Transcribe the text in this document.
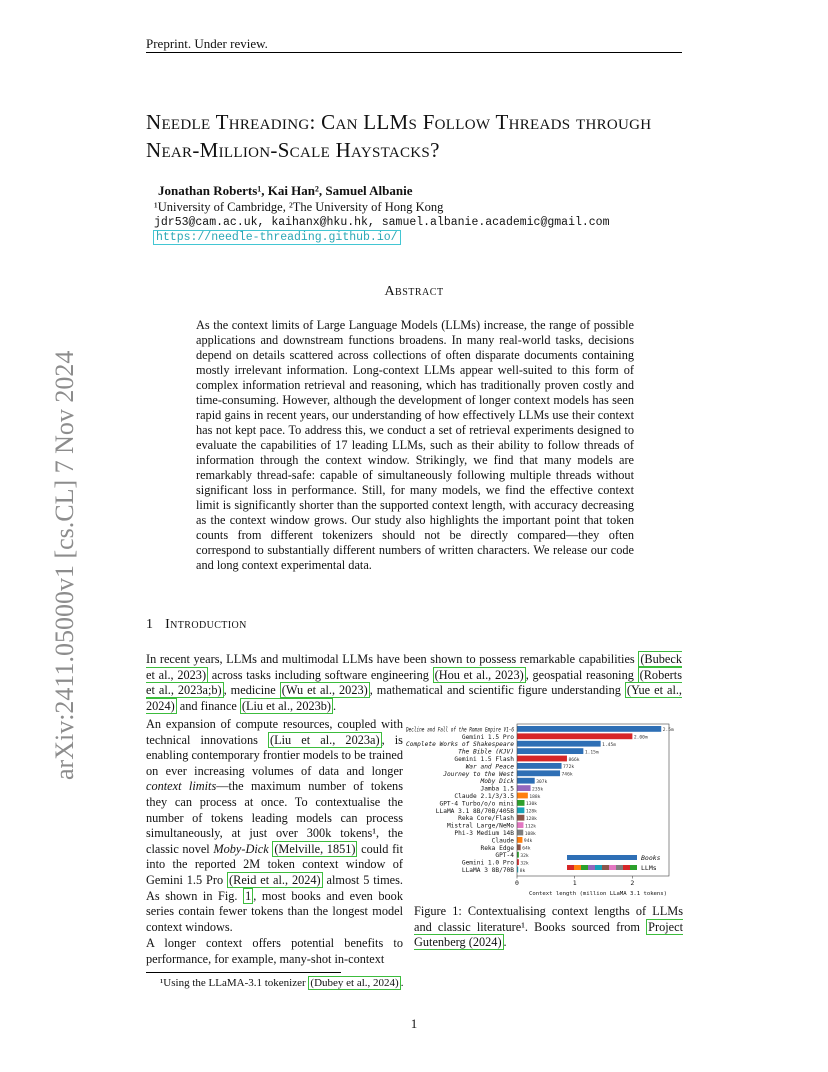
Preprint. Under review.
Needle Threading: Can LLMs Follow Threads through Near-Million-Scale Haystacks?
Jonathan Roberts¹, Kai Han², Samuel Albanie
¹University of Cambridge, ²The University of Hong Kong
jdr53@cam.ac.uk, kaihanx@hku.hk, samuel.albanie.academic@gmail.com
https://needle-threading.github.io/
arXiv:2411.05000v1 [cs.CL] 7 Nov 2024
Abstract
As the context limits of Large Language Models (LLMs) increase, the range of possible applications and downstream functions broadens. In many real-world tasks, decisions depend on details scattered across collections of often disparate documents containing mostly irrelevant information. Long-context LLMs appear well-suited to this form of complex information retrieval and reasoning, which has traditionally proven costly and time-consuming. However, although the development of longer context models has seen rapid gains in recent years, our understanding of how effectively LLMs use their context has not kept pace. To address this, we conduct a set of retrieval experiments designed to evaluate the capabilities of 17 leading LLMs, such as their ability to follow threads of information through the context window. Strikingly, we find that many models are remarkably thread-safe: capable of simultaneously following multiple threads without significant loss in performance. Still, for many models, we find the effective context limit is significantly shorter than the supported context length, with accuracy decreasing as the context window grows. Our study also highlights the important point that token counts from different tokenizers should not be directly compared—they often correspond to substantially different numbers of written characters. We release our code and long context experimental data.
1 Introduction
In recent years, LLMs and multimodal LLMs have been shown to possess remarkable capabilities (Bubeck et al., 2023) across tasks including software engineering (Hou et al., 2023) , geospatial reasoning (Roberts et al., 2023a;b) , medicine (Wu et al., 2023) , mathematical and scientific figure understanding (Yue et al., 2024) and finance (Liu et al., 2023b) .
An expansion of compute resources, coupled with technical innovations (Liu et al., 2023a) , is enabling contemporary frontier models to be trained on ever increasing volumes of data and longer context limits—the maximum number of tokens they can process at once. To contextualise the number of tokens leading models can process simultaneously, at just over 300k tokens¹, the classic novel Moby-Dick (Melville, 1851) could fit into the reported 2M token context window of Gemini 1.5 Pro (Reid et al., 2024) almost 5 times. As shown in Fig. 1 , most books and even book series contain fewer tokens than the longest model context windows.
A longer context offers potential benefits to performance, for example, many-shot in-context
2.5m
Decline and Fall of the Roman Empire V1-6
2.00m
Gemini 1.5 Pro
1.45m
Complete Works of Shakespeare
1.15m
The Bible (KJV)
866k
Gemini 1.5 Flash
772k
War and Peace
746k
Journey to the West
307k
Moby Dick
235k
Jamba 1.5
188k
Claude 2.1/3/3.5
130k
GPT-4 Turbo/o/o mini
128k
LLaMA 3.1 8B/70B/405B
128k
Reka Core/Flash
112k
Mistral Large/NeMo
108k
Phi-3 Medium 14B
94k
Claude
64k
Reka Edge
32k
GPT-4
32k
Gemini 1.0 Pro
8k
LLaMA 3 8B/70B
0	1	2
Context length (million LLaMA 3.1 tokens)
Books
LLMs
Figure 1: Contextualising context lengths of LLMs and classic literature¹. Books sourced from Project Gutenberg (2024) .
¹Using the LLaMA-3.1 tokenizer (Dubey et al., 2024) .
1
